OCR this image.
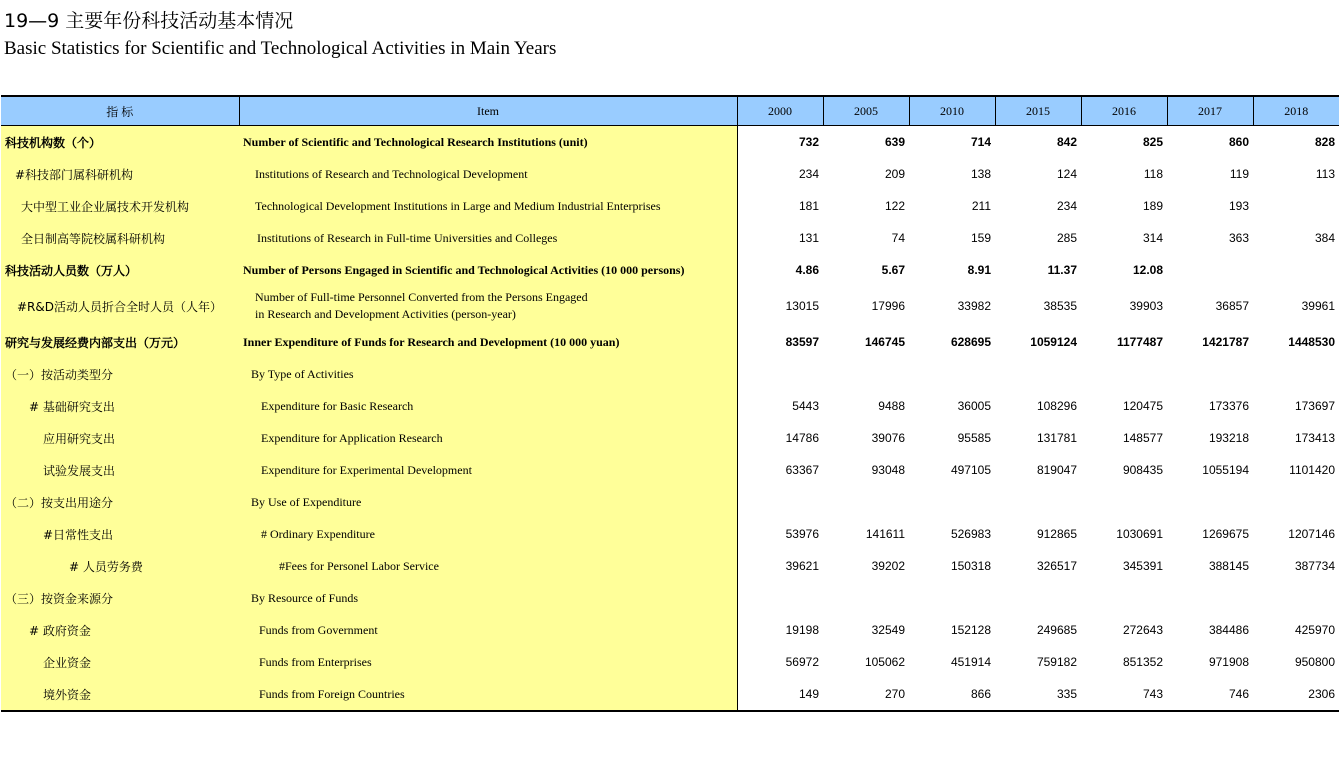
19—9 主要年份科技活动基本情况
Basic Statistics for Scientific and Technological Activities in Main Years
指 标	Item	2000	2005	2010	2015	2016	2017	2018
科技机构数（个）	Number of Scientific and Technological Research Institutions (unit)	732	639	714	842	825	860	828
#科技部门属科研机构	Institutions of Research and Technological Development	234	209	138	124	118	119	113
大中型工业企业属技术开发机构	Technological Development Institutions in Large and Medium Industrial Enterprises	181	122	211	234	189	193	
全日制高等院校属科研机构	Institutions of Research in Full-time Universities and Colleges	131	74	159	285	314	363	384
科技活动人员数（万人）	Number of Persons Engaged in Scientific and Technological Activities (10 000 persons)	4.86	5.67	8.91	11.37	12.08		
#R&D活动人员折合全时人员（人年）	Number of Full-time Personnel Converted from the Persons Engaged
in Research and Development Activities (person-year)	13015	17996	33982	38535	39903	36857	39961
研究与发展经费内部支出（万元）	Inner Expenditure of Funds for Research and Development (10 000 yuan)	83597	146745	628695	1059124	1177487	1421787	1448530
（一）按活动类型分	By Type of Activities							

# 基础研究支出	Expenditure for Basic Research	5443	9488	36005	108296	120475	173376	173697
应用研究支出	Expenditure for Application Research	14786	39076	95585	131781	148577	193218	173413
试验发展支出	Expenditure for Experimental Development	63367	93048	497105	819047	908435	1055194	1101420
（二）按支出用途分	By Use of Expenditure							

#日常性支出	# Ordinary Expenditure	53976	141611	526983	912865	1030691	1269675	1207146
# 人员劳务费	#Fees for Personel Labor Service	39621	39202	150318	326517	345391	388145	387734
（三）按资金来源分	By Resource of Funds							

# 政府资金	Funds from Government	19198	32549	152128	249685	272643	384486	425970
企业资金	Funds from Enterprises	56972	105062	451914	759182	851352	971908	950800
境外资金	Funds from Foreign Countries	149	270	866	335	743	746	2306
